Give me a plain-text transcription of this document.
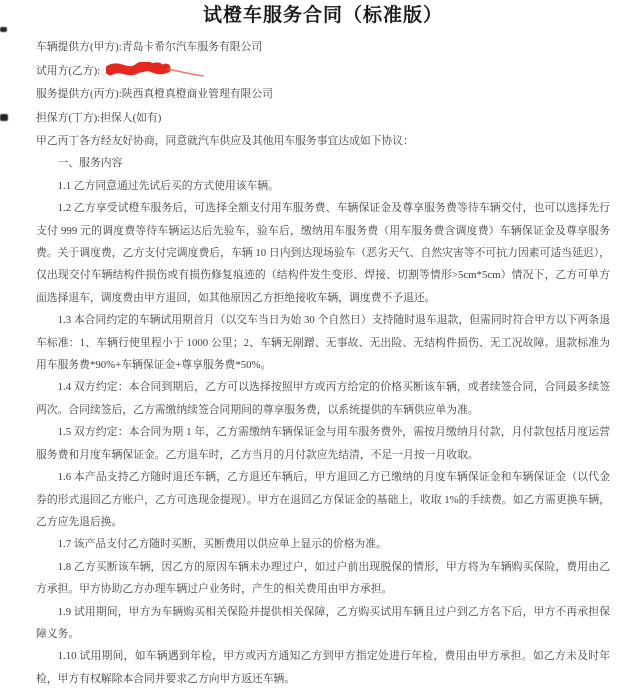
试橙车服务合同（标准版）
车辆提供方(甲方):青岛卡希尔汽车服务有限公司
试用方(乙方):
服务提供方(丙方):陕西真橙真橙商业管理有限公司
担保方(丁方):担保人(如有)

甲乙丙丁各方经友好协商，同意就汽车供应及其他用车服务事宜达成如下协议：

一、服务内容

1.1 乙方同意通过先试后买的方式使用该车辆。

1.2 乙方享受试橙车服务后，可选择全额支付用车服务费、车辆保证金及尊享服务费等待车辆交付，也可以选择先行支付 999 元的调度费等待车辆运达后先验车，验车后，缴纳用车服务费（用车服务费含调度费）车辆保证金及尊享服务费。关于调度费，乙方支付完调度费后，车辆 10 日内到达现场验车（恶劣天气、自然灾害等不可抗力因素可适当延迟），仅出现交付车辆结构件损伤或有损伤修复痕迹的（结构件发生变形、焊接、切割等情形>5cm*5cm）情况下，乙方可单方面选择退车，调度费由甲方退回，如其他原因乙方拒绝接收车辆，调度费不予退还。

1.3 本合同约定的车辆试用期首月（以交车当日为始 30 个自然日）支持随时退车退款，但需同时符合甲方以下两条退车标准：1、车辆行使里程小于 1000 公里；2、车辆无剐蹭、无事故、无出险、无结构件损伤、无工况故障。退款标准为用车服务费*90%+车辆保证金+尊享服务费*50%。

1.4 双方约定：本合同到期后，乙方可以选择按照甲方或丙方给定的价格买断该车辆，或者续签合同，合同最多续签两次。合同续签后，乙方需缴纳续签合同期间的尊享服务费，以系统提供的车辆供应单为准。

1.5 双方约定：本合同为期 1 年，乙方需缴纳车辆保证金与用车服务费外，需按月缴纳月付款，月付款包括月度运营服务费和月度车辆保证金。乙方退车时，乙方当月的月付款应先结清，不足一月按一月收取。

1.6 本产品支持乙方随时退还车辆，乙方退还车辆后，甲方退回乙方已缴纳的月度车辆保证金和车辆保证金（以代金券的形式退回乙方账户，乙方可选现金提现）。甲方在退回乙方保证金的基础上，收取 1%的手续费。如乙方需更换车辆，乙方应先退后换。

1.7 该产品支付乙方随时买断，买断费用以供应单上显示的价格为准。

1.8 乙方买断该车辆，因乙方的原因车辆未办理过户，如过户前出现脱保的情形，甲方将为车辆购买保险，费用由乙方承担。甲方协助乙方办理车辆过户业务时，产生的相关费用由甲方承担。

1.9 试用期间，甲方为车辆购买相关保险并提供相关保障，乙方购买试用车辆且过户到乙方名下后，甲方不再承担保障义务。

1.10 试用期间，如车辆遇到年检，甲方或丙方通知乙方到甲方指定处进行年检，费用由甲方承担。如乙方未及时年检，甲方有权解除本合同并要求乙方向甲方返还车辆。
